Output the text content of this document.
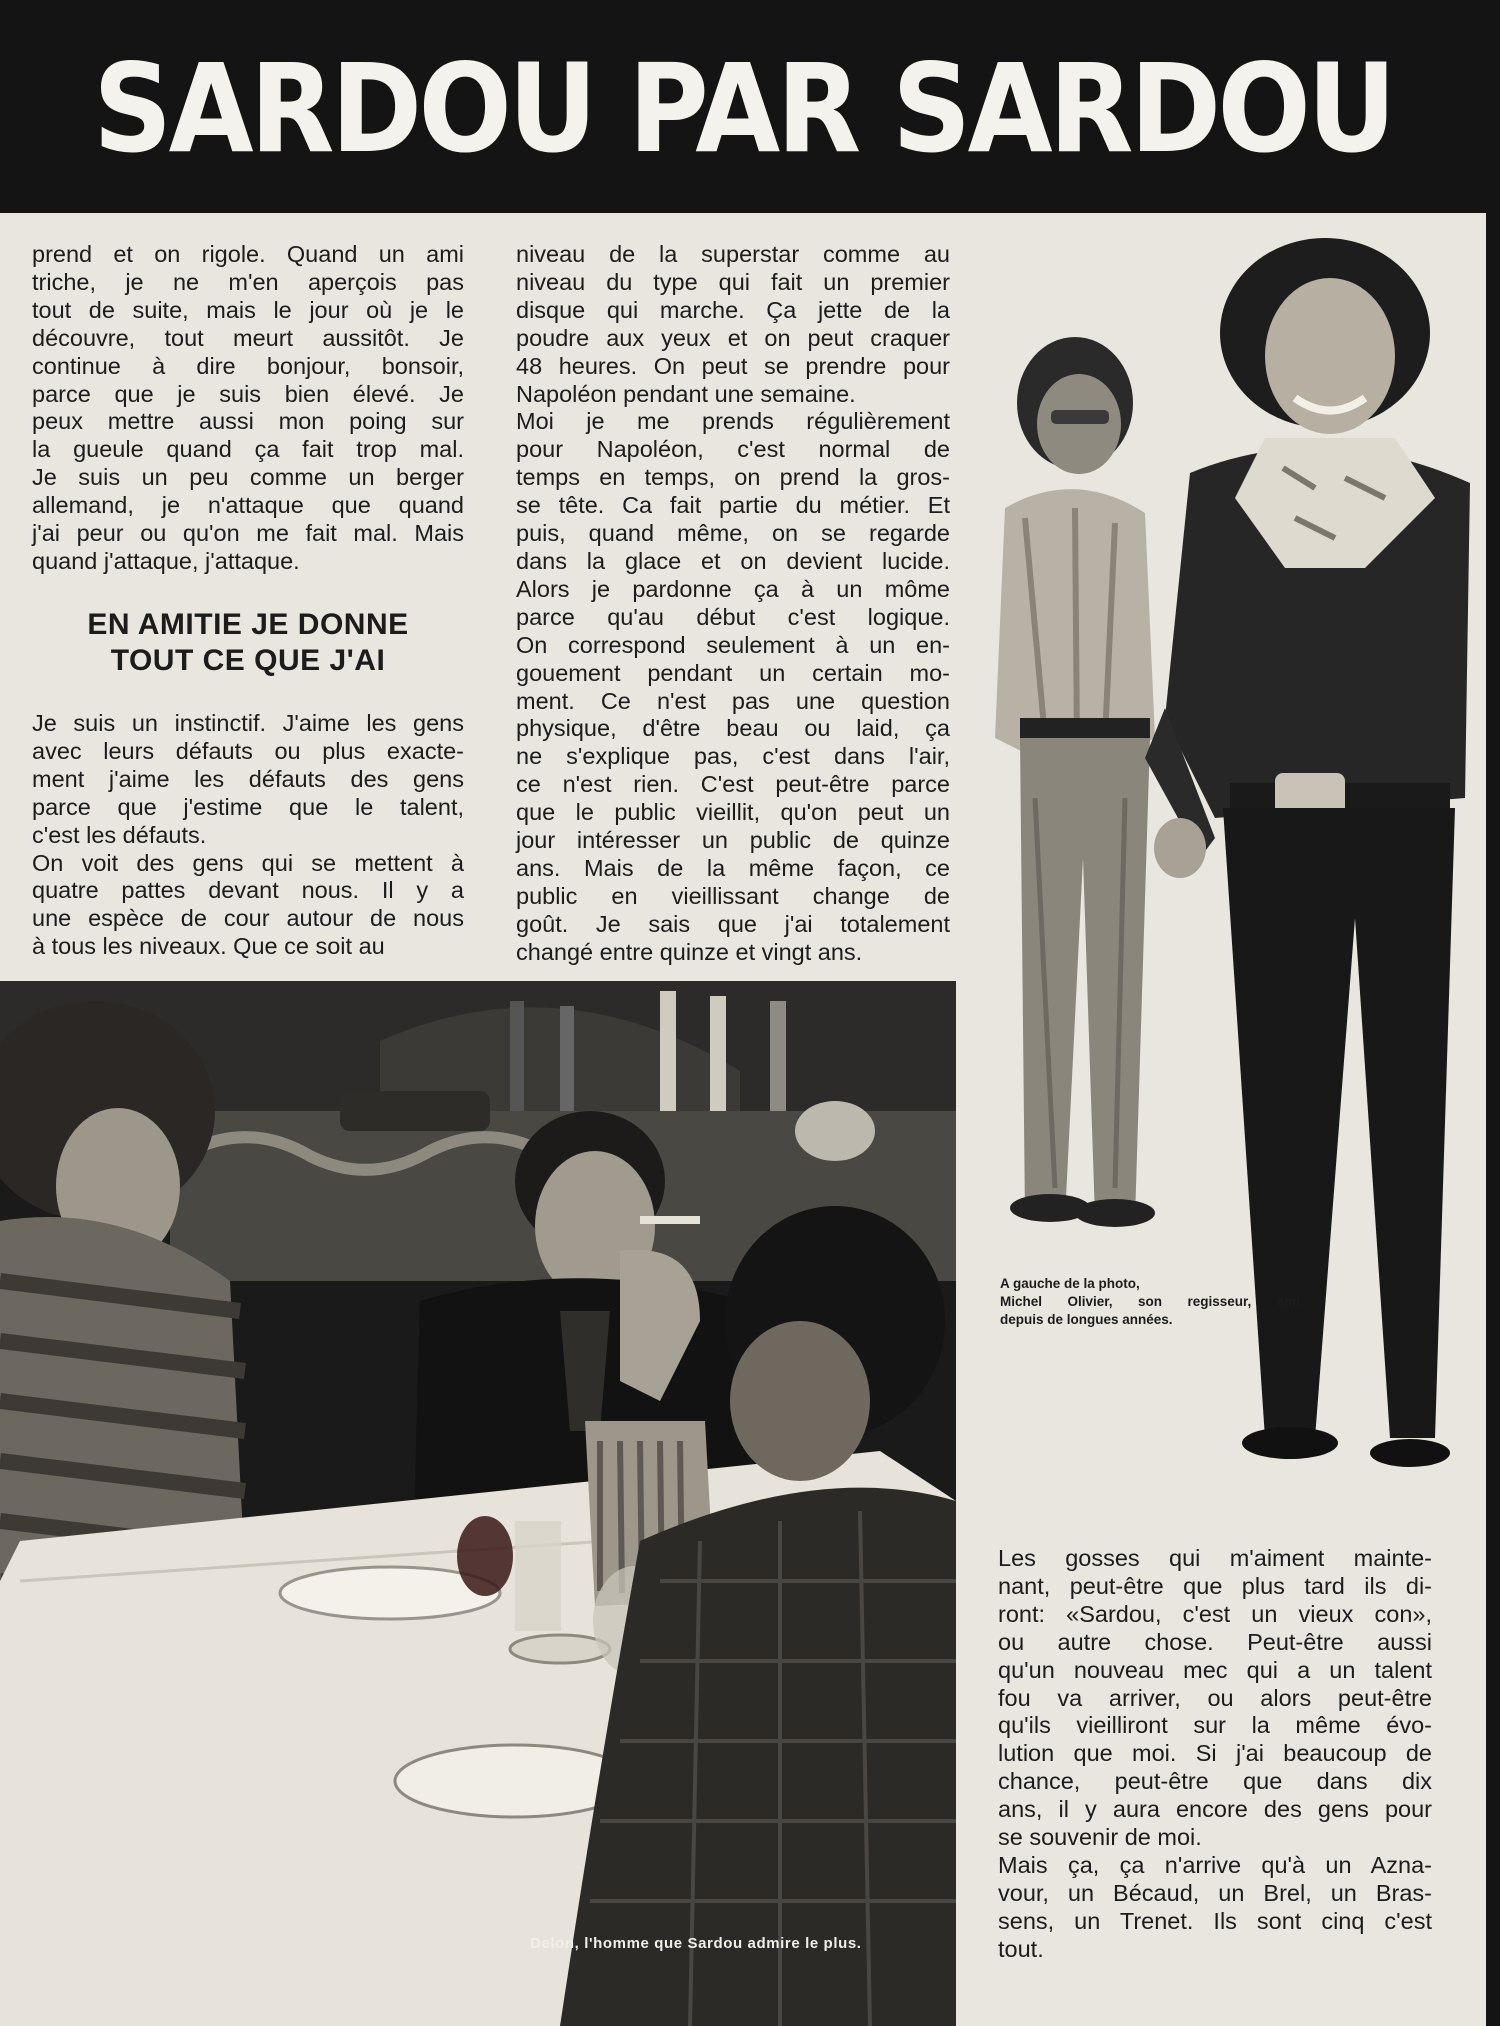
SARDOU PAR SARDOU

prend et on rigole. Quand un ami

triche, je ne m'en aperçois pas

tout de suite, mais le jour où je le

découvre, tout meurt aussitôt. Je

continue à dire bonjour, bonsoir,

parce que je suis bien élevé. Je

peux mettre aussi mon poing sur

la gueule quand ça fait trop mal.

Je suis un peu comme un berger

allemand, je n'attaque que quand

j'ai peur ou qu'on me fait mal. Mais

quand j'attaque, j'attaque.

EN AMITIE JE DONNE
TOUT CE QUE J'AI

Je suis un instinctif. J'aime les gens

avec leurs défauts ou plus exacte-

ment j'aime les défauts des gens

parce que j'estime que le talent,

c'est les défauts.

On voit des gens qui se mettent à

quatre pattes devant nous. Il y a

une espèce de cour autour de nous

à tous les niveaux. Que ce soit au

niveau de la superstar comme au

niveau du type qui fait un premier

disque qui marche. Ça jette de la

poudre aux yeux et on peut craquer

48 heures. On peut se prendre pour

Napoléon pendant une semaine.

Moi je me prends régulièrement

pour Napoléon, c'est normal de

temps en temps, on prend la gros-

se tête. Ca fait partie du métier. Et

puis, quand même, on se regarde

dans la glace et on devient lucide.

Alors je pardonne ça à un môme

parce qu'au début c'est logique.

On correspond seulement à un en-

gouement pendant un certain mo-

ment. Ce n'est pas une question

physique, d'être beau ou laid, ça

ne s'explique pas, c'est dans l'air,

ce n'est rien. C'est peut-être parce

que le public vieillit, qu'on peut un

jour intéresser un public de quinze

ans. Mais de la même façon, ce

public en vieillissant change de

goût. Je sais que j'ai totalement

changé entre quinze et vingt ans.

A gauche de la photo,
Michel Olivier, son regisseur, ami
depuis de longues années.

Les gosses qui m'aiment mainte-

nant, peut-être que plus tard ils di-

ront: «Sardou, c'est un vieux con»,

ou autre chose. Peut-être aussi

qu'un nouveau mec qui a un talent

fou va arriver, ou alors peut-être

qu'ils vieilliront sur la même évo-

lution que moi. Si j'ai beaucoup de

chance, peut-être que dans dix

ans, il y aura encore des gens pour

se souvenir de moi.

Mais ça, ça n'arrive qu'à un Azna-

vour, un Bécaud, un Brel, un Bras-

sens, un Trenet. Ils sont cinq c'est

tout.

Delon, l'homme que Sardou admire le plus.
